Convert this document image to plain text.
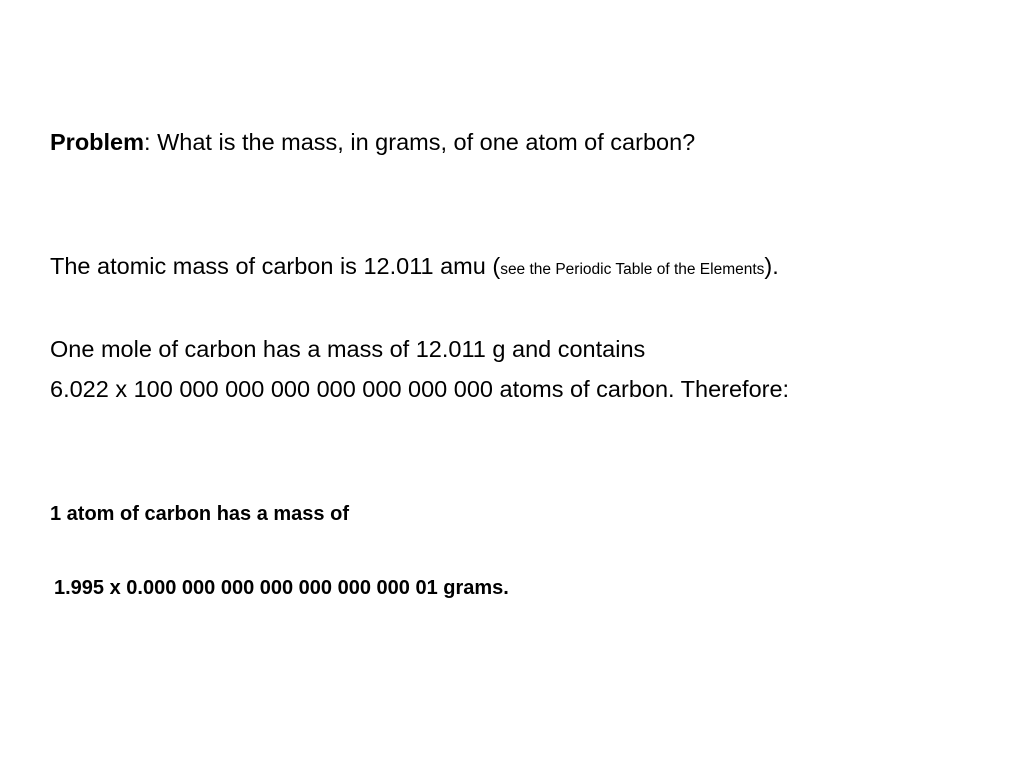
Problem: What is the mass, in grams, of one atom of carbon?
The atomic mass of carbon is 12.011 amu (see the Periodic Table of the Elements).
One mole of carbon has a mass of 12.011 g and contains
6.022 x 100 000 000 000 000 000 000 000 atoms of carbon. Therefore:
1 atom of carbon has a mass of
1.995 x 0.000 000 000 000 000 000 000 01 grams.
